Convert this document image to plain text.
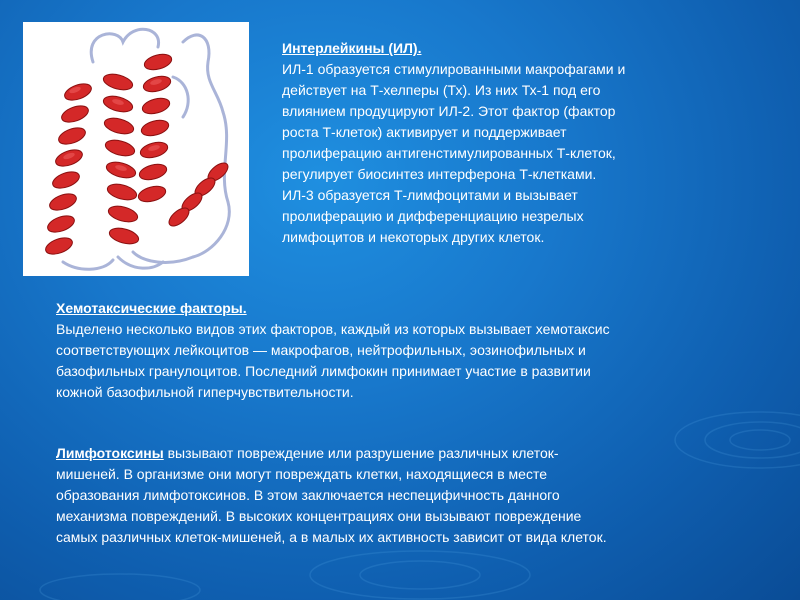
Интерлейкины (ИЛ).
ИЛ-1 образуется стимулированными макрофагами и
действует на Т-хелперы (Тх). Из них Тх-1 под его
влиянием продуцируют ИЛ-2. Этот фактор (фактор
роста Т-клеток) активирует и поддерживает
пролиферацию антигенстимулированных Т-клеток,
регулирует биосинтез интерферона Т-клетками.
ИЛ-3 образуется Т-лимфоцитами и вызывает
пролиферацию и дифференциацию незрелых
лимфоцитов и некоторых других клеток.
Хемотаксические факторы.
Выделено несколько видов этих факторов, каждый из которых вызывает хемотаксис
соответствующих лейкоцитов — макрофагов, нейтрофильных, эозинофильных и
базофильных гранулоцитов. Последний лимфокин принимает участие в развитии
кожной базофильной гиперчувствительности.
Лимфотоксины вызывают повреждение или разрушение различных клеток-
мишеней. В организме они могут повреждать клетки, находящиеся в месте
образования лимфотоксинов. В этом заключается неспецифичность данного
механизма повреждений. В высоких концентрациях они вызывают повреждение
самых различных клеток-мишеней, а в малых их активность зависит от вида клеток.
